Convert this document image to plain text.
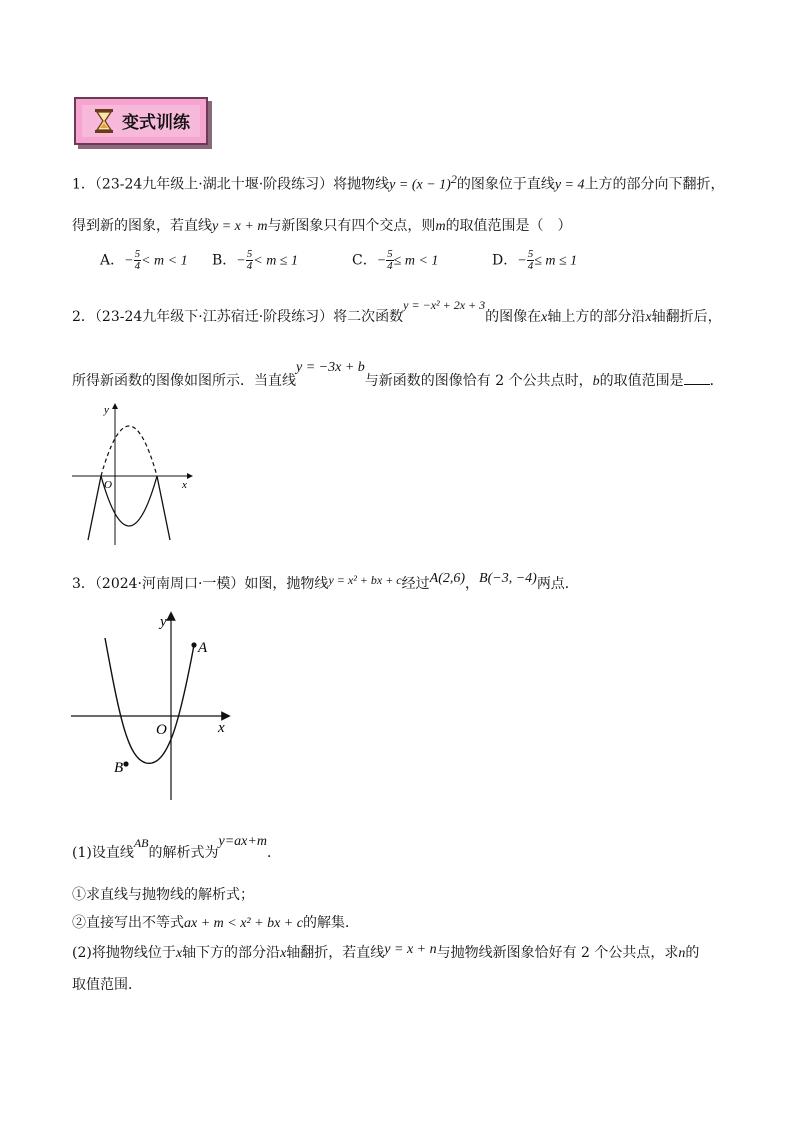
变式训练
1．（23-24九年级上·湖北十堰·阶段练习）将抛物线$y = (x - 1)^2$的图象位于直线y = 4上方的部分向下翻折，
得到新的图象，若直线y = x + m与新图象只有四个交点，则m的取值范围是（　）
A．− $\frac{5}{4} < m < 1$ B．− $\frac{5}{4} < m \le 1$	C．− $\frac{5}{4} \le m < 1$	D．− $\frac{5}{4} \le m \le 1$
2．（23-24九年级下·江苏宿迁·阶段练习）将二次函数y = −x² + 2x + 3的图像在x轴上方的部分沿x轴翻折后，
所得新函数的图像如图所示．当直线y = −3x + b与新函数的图像恰有 2 个公共点时，b的取值范围是 ．
y
x
O
3．（2024·河南周口·一模）如图，抛物线y = x² + bx + c经过A(2,6)，B(−3, −4)两点．
y
x
O
A
B
(1)设直线AB的解析式为y=ax+m．
①求直线与抛物线的解析式；
②直接写出不等式ax + m < x² + bx + c的解集．
(2)将抛物线位于x轴下方的部分沿x轴翻折，若直线y = x + n与抛物线新图象恰好有 2 个公共点，求n的
取值范围．
